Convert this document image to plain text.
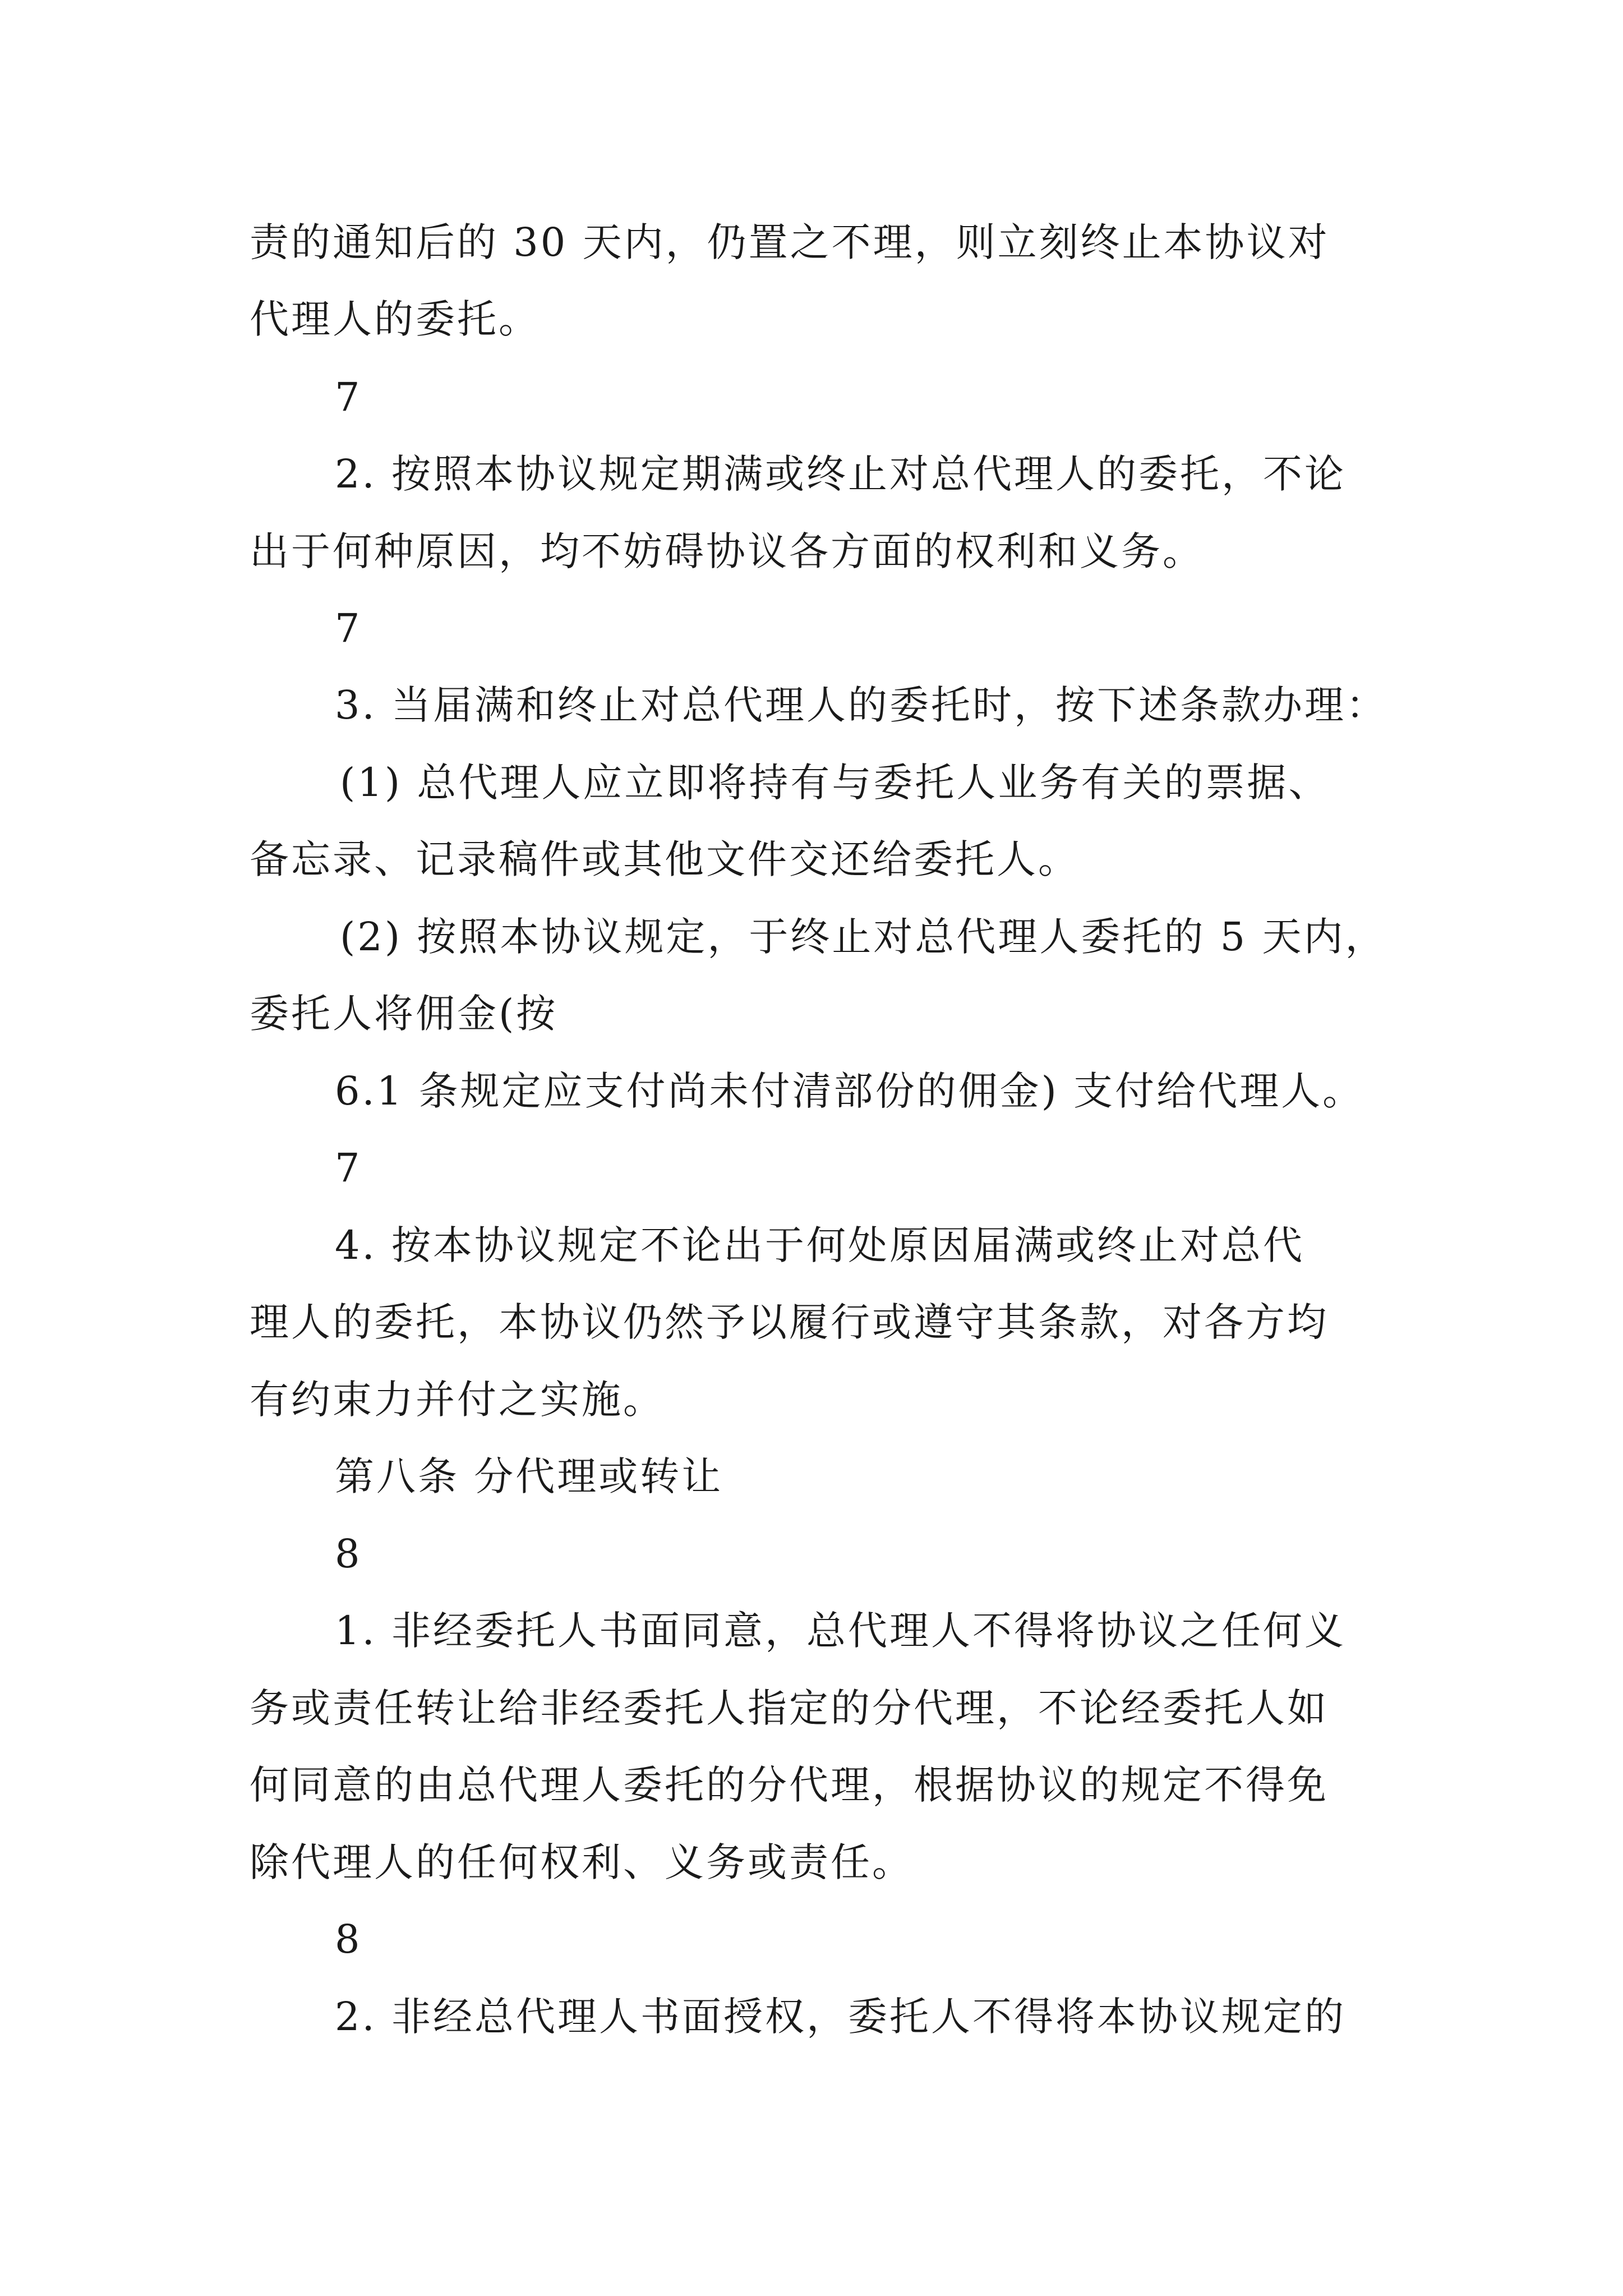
责的通知后的 30 天内，仍置之不理，则立刻终止本协议对
代理人的委托。
7
2. 按照本协议规定期满或终止对总代理人的委托，不论
出于何种原因，均不妨碍协议各方面的权利和义务。
7
3. 当届满和终止对总代理人的委托时，按下述条款办理：
(1) 总代理人应立即将持有与委托人业务有关的票据、
备忘录、记录稿件或其他文件交还给委托人。
(2) 按照本协议规定，于终止对总代理人委托的 5 天内，
委托人将佣金(按
6.1 条规定应支付尚未付清部份的佣金) 支付给代理人。
7
4. 按本协议规定不论出于何处原因届满或终止对总代
理人的委托，本协议仍然予以履行或遵守其条款，对各方均
有约束力并付之实施。
第八条 分代理或转让
8
1. 非经委托人书面同意，总代理人不得将协议之任何义
务或责任转让给非经委托人指定的分代理，不论经委托人如
何同意的由总代理人委托的分代理，根据协议的规定不得免
除代理人的任何权利、义务或责任。
8
2. 非经总代理人书面授权，委托人不得将本协议规定的
